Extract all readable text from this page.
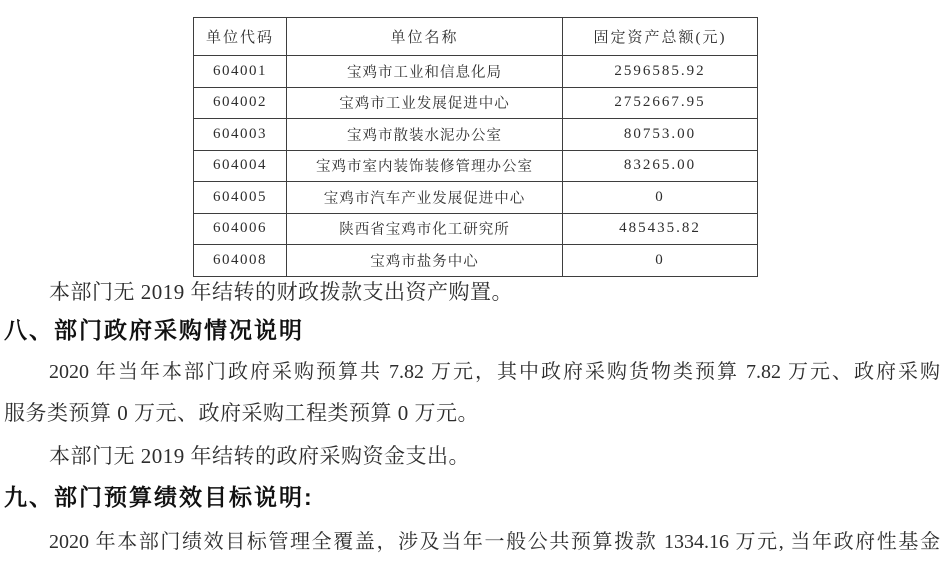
单位代码	单位名称	固定资产总额(元)
604001	宝鸡市工业和信息化局	2596585.92
604002	宝鸡市工业发展促进中心	2752667.95
604003	宝鸡市散装水泥办公室	80753.00
604004	宝鸡市室内装饰装修管理办公室	83265.00
604005	宝鸡市汽车产业发展促进中心	0
604006	陕西省宝鸡市化工研究所	485435.82
604008	宝鸡市盐务中心	0
本部门无 2019 年结转的财政拨款支出资产购置。
八、部门政府采购情况说明
2020 年当年本部门政府采购预算共 7.82 万元，其中政府采购货物类预算 7.82 万元、政府采购
服务类预算 0 万元、政府采购工程类预算 0 万元。
本部门无 2019 年结转的政府采购资金支出。
九、部门预算绩效目标说明:
2020 年本部门绩效目标管理全覆盖，涉及当年一般公共预算拨款 1334.16 万元, 当年政府性基金
